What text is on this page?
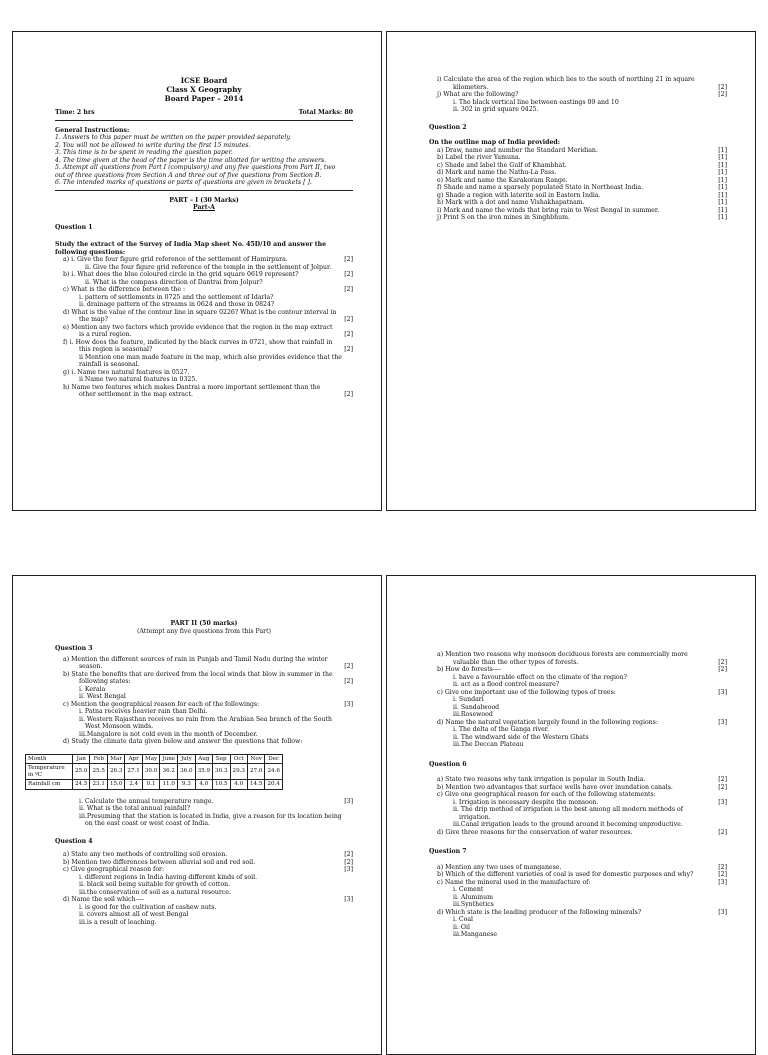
ICSE Board
Class X Geography
Board Paper – 2014
Time: 2 hrs	Total Marks: 80
General Instructions:
1. Answers to this paper must be written on the paper provided separately.
2. You will not be allowed to write during the first 15 minutes.
3. This time is to be spent in reading the question paper.
4. The time given at the head of the paper is the time allotted for writing the answers.
5. Attempt all questions from Part I (compulsory) and any five questions from Part II, two
out of three questions from Section A and three out of five questions from Section B.
6. The intended marks of questions or parts of questions are given in brackets [ ].
PART – I (30 Marks)
Part-A
Question 1
Study the extract of the Survey of India Map sheet No. 45D/10 and answer the
following questions:
a) i. Give the four figure grid reference of the settlement of Hamirpura.	[2]
ii. Give the four figure grid reference of the temple in the settlement of Jolpur.
b) i. What does the blue coloured circle in the grid square 0619 represent?	[2]
ii. What is the compass direction of Dantrai from Jolpur?
c) What is the difference between the :	[2]
i. pattern of settlements in 0725 and the settlement of Idarla?
ii. drainage pattern of the streams in 0624 and those in 0824?
d) What is the value of the contour line in square 0226? What is the contour interval in
the map?	[2]
e) Mention any two factors which provide evidence that the region in the map extract
is a rural region.	[2]
f) i. How does the feature, indicated by the black curves in 0721, show that rainfall in
this region is seasonal?	[2]
ii Mention one man made feature in the map, which also provides evidence that the
rainfall is seasonal.
g) i. Name two natural features in 0527.
ii Name two natural features in 0325.
h) Name two features which makes Dantrai a more important settlement than the
other settlement in the map extract.	[2]
i) Calculate the area of the region which lies to the south of northing 21 in square
kilometers.	[2]
j) What are the following?	[2]
i. The black vertical line between eastings 09 and 10
ii. 302 in grid square 0425.
Question 2
On the outline map of India provided:
a) Draw, name and number the Standard Meridian.	[1]
b) Label the river Yamuna.	[1]
c) Shade and label the Gulf of Khambhat.	[1]
d) Mark and name the Nathu-La Pass.	[1]
e) Mark and name the Karakoram Range.	[1]
f) Shade and name a sparsely populated State in Northeast India.	[1]
g) Shade a region with laterite soil in Eastern India.	[1]
h) Mark with a dot and name Vishakhapatnam.	[1]
i) Mark and name the winds that bring rain to West Bengal in summer.	[1]
j) Print S on the iron mines in Singhbhum.	[1]
PART II (50 marks)
(Attempt any five questions from this Part)
Question 3
a) Mention the different sources of rain in Punjab and Tamil Nadu during the winter
season.	[2]
b) State the benefits that are derived from the local winds that blow in summer in the
following states:	[2]
i. Kerala
ii. West Bengal
c) Mention the geographical reason for each of the followings:	[3]
i. Patna receives heavier rain than Delhi.
ii. Western Rajasthan receives no rain from the Arabian Sea branch of the South
West Monsoon winds.
iii.Mangalore is not cold even in the month of December.
d) Study the climate data given below and answer the questions that follow:
Month	Jan	Feb	Mar	Apr	May	June	July	Aug	Sep	Oct	Nov	Dec
Temperature in ºC	25.0	25.5	26.3	27.1	30.0	36.2	36.0	35.9	30.3	29.3	27.0	24.6
Rainfall cm	24.5	23.1	15.0	2.4	0.1	11.0	9.3	4.0	10.5	4.0	14.5	20.4
i. Calculate the annual temperature range.	[3]
ii. What is the total annual rainfall?
iii.Presuming that the station is located in India, give a reason for its location being
on the east coast or west coast of India.
Question 4
a) State any two methods of controlling soil erosion.	[2]
b) Mention two differences between alluvial soil and red soil.	[2]
c) Give geographical reason for:	[3]
i. different regions in India having different kinds of soil.
ii. black soil being suitable for growth of cotton.
iii.the conservation of soil as a natural resource.
d) Name the soil which----	[3]
i. is good for the cultivation of cashew nuts.
ii. covers almost all of west Bengal
iii.is a result of leaching.
a) Mention two reasons why monsoon deciduous forests are commercially more
valuable than the other types of forests.	[2]
b) How do forests----	[2]
i. have a favourable effect on the climate of the region?
ii. act as a flood control measure?
c) Give one important use of the following types of trees:	[3]
i. Sundari
ii. Sandalwood
iii.Rosewood
d) Name the natural vegetation largely found in the following regions:	[3]
i. The delta of the Ganga river.
ii. The windward side of the Western Ghats
iii.The Deccan Plateau
Question 6
a) State two reasons why tank irrigation is popular in South India.	[2]
b) Mention two advantages that surface wells have over inundation canals.	[2]
c) Give one geographical reason for each of the following statements:
i. Irrigation is necessary despite the monsoon.	[3]
ii. The drip method of irrigation is the best among all modern methods of
irrigation.
iii.Canal irrigation leads to the ground around it becoming unproductive.
d) Give three reasons for the conservation of water resources.	[2]
Question 7
a) Mention any two uses of manganese.	[2]
b) Which of the different varieties of coal is used for domestic purposes and why?	[2]
c) Name the mineral used in the manufacture of:	[3]
i. Cement
ii. Aluminum
iii.Synthetics
d) Which state is the leading producer of the following minerals?	[3]
i. Coal
ii. Oil
iii.Manganese
